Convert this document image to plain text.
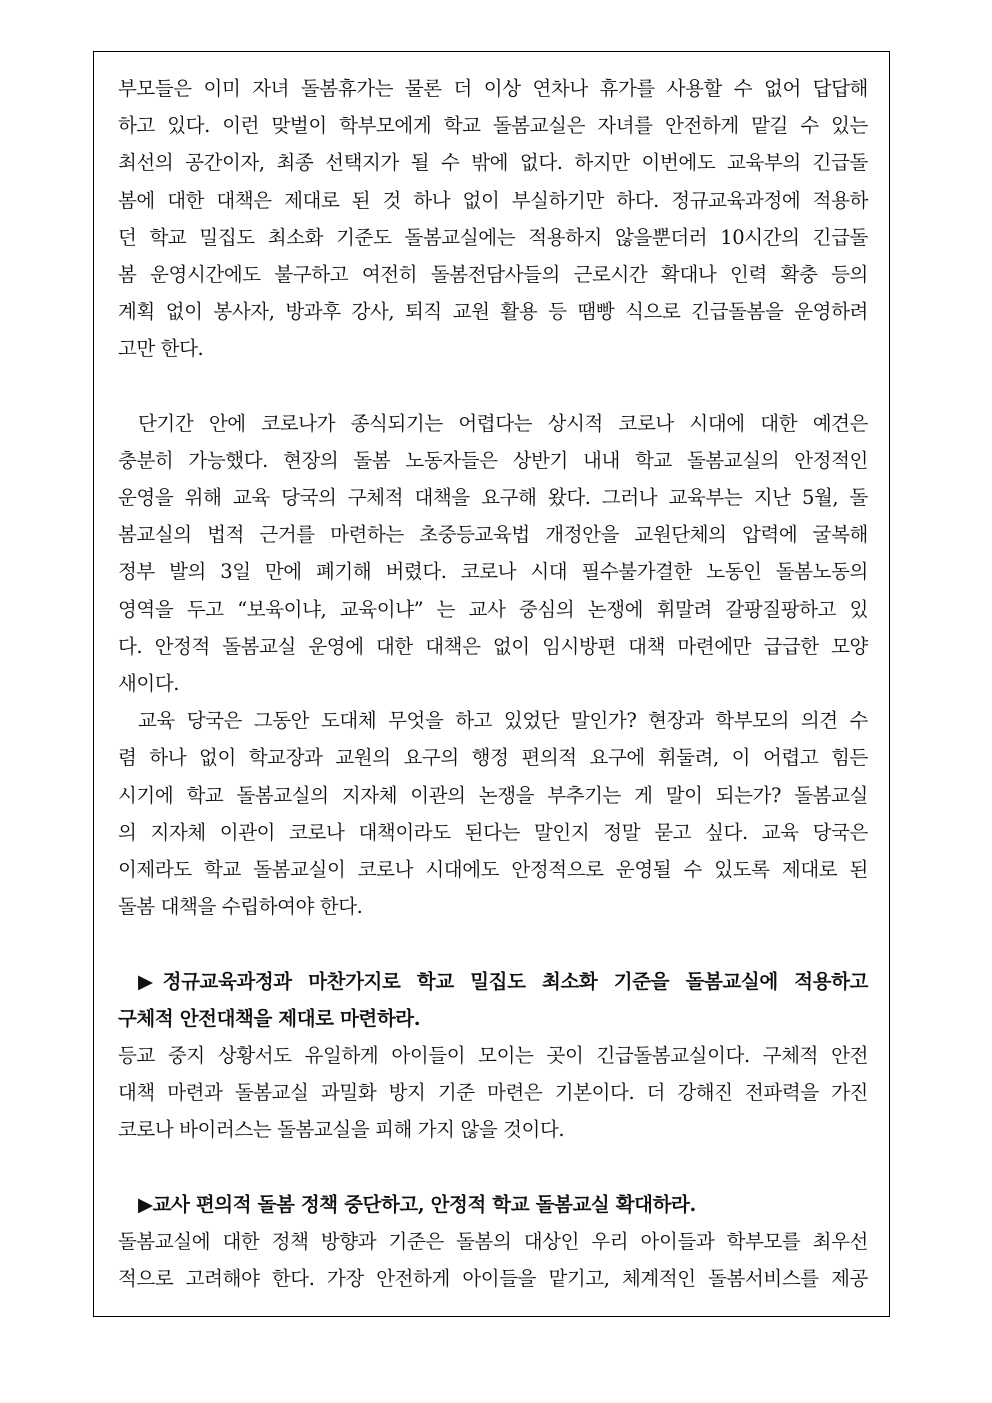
부모들은 이미 자녀 돌봄휴가는 물론 더 이상 연차나 휴가를 사용할 수 없어 답답해
하고 있다. 이런 맞벌이 학부모에게 학교 돌봄교실은 자녀를 안전하게 맡길 수 있는
최선의 공간이자, 최종 선택지가 될 수 밖에 없다. 하지만 이번에도 교육부의 긴급돌
봄에 대한 대책은 제대로 된 것 하나 없이 부실하기만 하다. 정규교육과정에 적용하
던 학교 밀집도 최소화 기준도 돌봄교실에는 적용하지 않을뿐더러 10시간의 긴급돌
봄 운영시간에도 불구하고 여전히 돌봄전담사들의 근로시간 확대나 인력 확충 등의
계획 없이 봉사자, 방과후 강사, 퇴직 교원 활용 등 땜빵 식으로 긴급돌봄을 운영하려
고만 한다.
단기간 안에 코로나가 종식되기는 어렵다는 상시적 코로나 시대에 대한 예견은
충분히 가능했다. 현장의 돌봄 노동자들은 상반기 내내 학교 돌봄교실의 안정적인
운영을 위해 교육 당국의 구체적 대책을 요구해 왔다. 그러나 교육부는 지난 5월, 돌
봄교실의 법적 근거를 마련하는 초중등교육법 개정안을 교원단체의 압력에 굴복해
정부 발의 3일 만에 폐기해 버렸다. 코로나 시대 필수불가결한 노동인 돌봄노동의
영역을 두고 “보육이냐, 교육이냐” 는 교사 중심의 논쟁에 휘말려 갈팡질팡하고 있
다. 안정적 돌봄교실 운영에 대한 대책은 없이 임시방편 대책 마련에만 급급한 모양
새이다.
교육 당국은 그동안 도대체 무엇을 하고 있었단 말인가? 현장과 학부모의 의견 수
렴 하나 없이 학교장과 교원의 요구의 행정 편의적 요구에 휘둘려, 이 어렵고 힘든
시기에 학교 돌봄교실의 지자체 이관의 논쟁을 부추기는 게 말이 되는가? 돌봄교실
의 지자체 이관이 코로나 대책이라도 된다는 말인지 정말 묻고 싶다. 교육 당국은
이제라도 학교 돌봄교실이 코로나 시대에도 안정적으로 운영될 수 있도록 제대로 된
돌봄 대책을 수립하여야 한다.
▶정규교육과정과 마찬가지로 학교 밀집도 최소화 기준을 돌봄교실에 적용하고
구체적 안전대책을 제대로 마련하라.
등교 중지 상황서도 유일하게 아이들이 모이는 곳이 긴급돌봄교실이다. 구체적 안전
대책 마련과 돌봄교실 과밀화 방지 기준 마련은 기본이다. 더 강해진 전파력을 가진
코로나 바이러스는 돌봄교실을 피해 가지 않을 것이다.
▶교사 편의적 돌봄 정책 중단하고, 안정적 학교 돌봄교실 확대하라.
돌봄교실에 대한 정책 방향과 기준은 돌봄의 대상인 우리 아이들과 학부모를 최우선
적으로 고려해야 한다. 가장 안전하게 아이들을 맡기고, 체계적인 돌봄서비스를 제공
